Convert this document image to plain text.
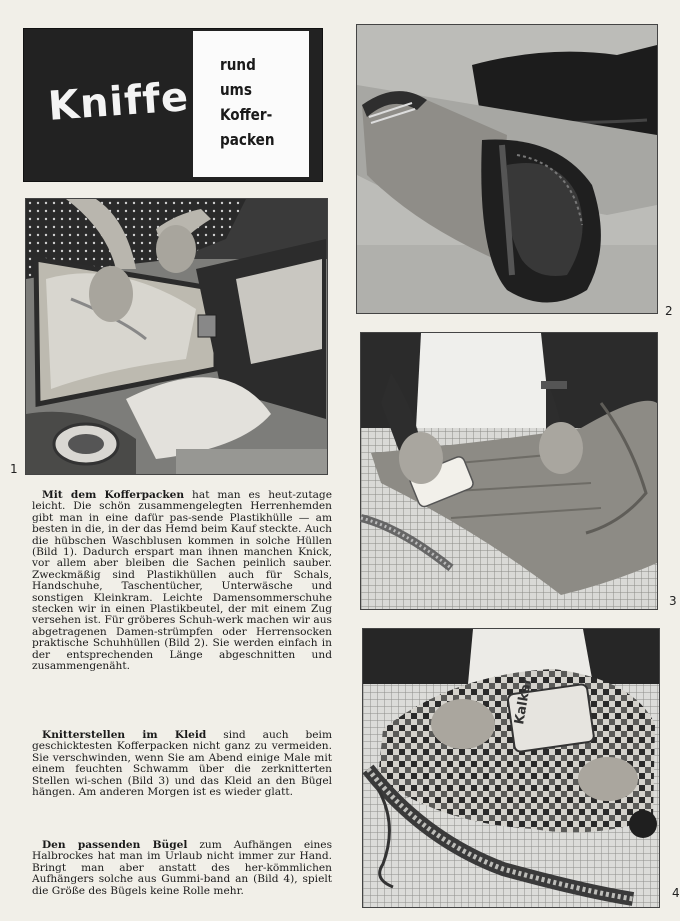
Kniffe
rund
ums
Koffer-
packen
1
2
3
Kalkar
4
Mit dem Kofferpacken hat man es heut-zutage leicht. Die schön zusammengelegten Herrenhemden gibt man in eine dafür pas-sende Plastikhülle — am besten in die, in der das Hemd beim Kauf steckte. Auch die hübschen Waschblusen kommen in solche Hüllen (Bild 1). Dadurch erspart man ihnen manchen Knick, vor allem aber bleiben die Sachen peinlich sauber. Zweckmäßig sind Plastikhüllen auch für Schals, Handschuhe, Taschentücher, Unterwäsche und sonstigen Kleinkram. Leichte Damensommerschuhe stecken wir in einen Plastikbeutel, der mit einem Zug versehen ist. Für gröberes Schuh-werk machen wir aus abgetragenen Damen-strümpfen oder Herrensocken praktische Schuhhüllen (Bild 2). Sie werden einfach in der entsprechenden Länge abgeschnitten und zusammengenäht.
Knitterstellen im Kleid sind auch beim geschicktesten Kofferpacken nicht ganz zu vermeiden. Sie verschwinden, wenn Sie am Abend einige Male mit einem feuchten Schwamm über die zerknitterten Stellen wi-schen (Bild 3) und das Kleid an den Bügel hängen. Am anderen Morgen ist es wieder glatt.
Den passenden Bügel zum Aufhängen eines Halbrockes hat man im Urlaub nicht immer zur Hand. Bringt man aber anstatt des her-kömmlichen Aufhängers solche aus Gummi-band an (Bild 4), spielt die Größe des Bügels keine Rolle mehr.
